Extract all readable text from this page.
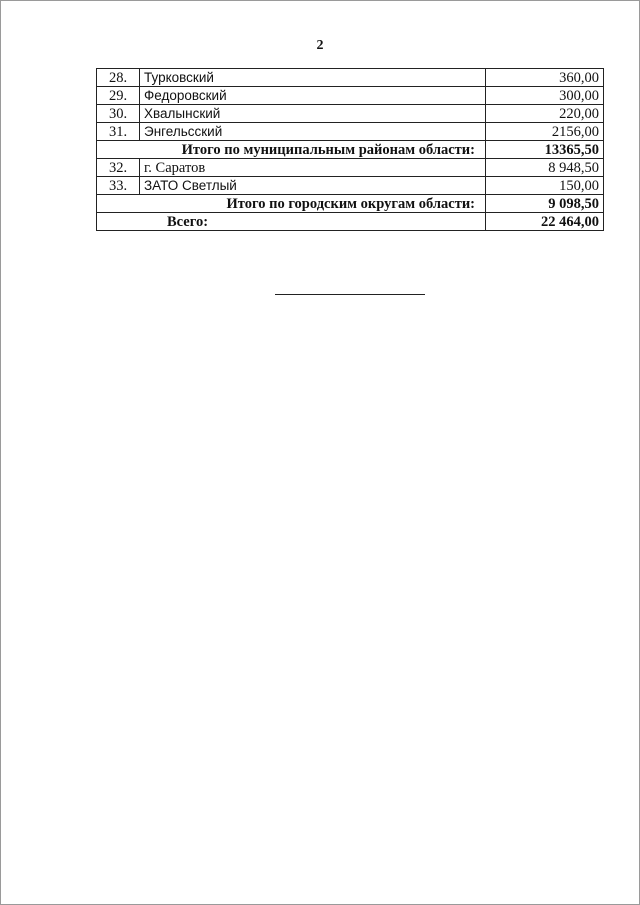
2
28.	Турковский	360,00
29.	Федоровский	300,00
30.	Хвалынский	220,00
31.	Энгельсский	2156,00
Итого по муниципальным районам области:		13365,50
32.	г. Саратов	8 948,50
33.	ЗАТО Светлый	150,00
Итого по городским округам области:		9 098,50
Всего:		22 464,00
